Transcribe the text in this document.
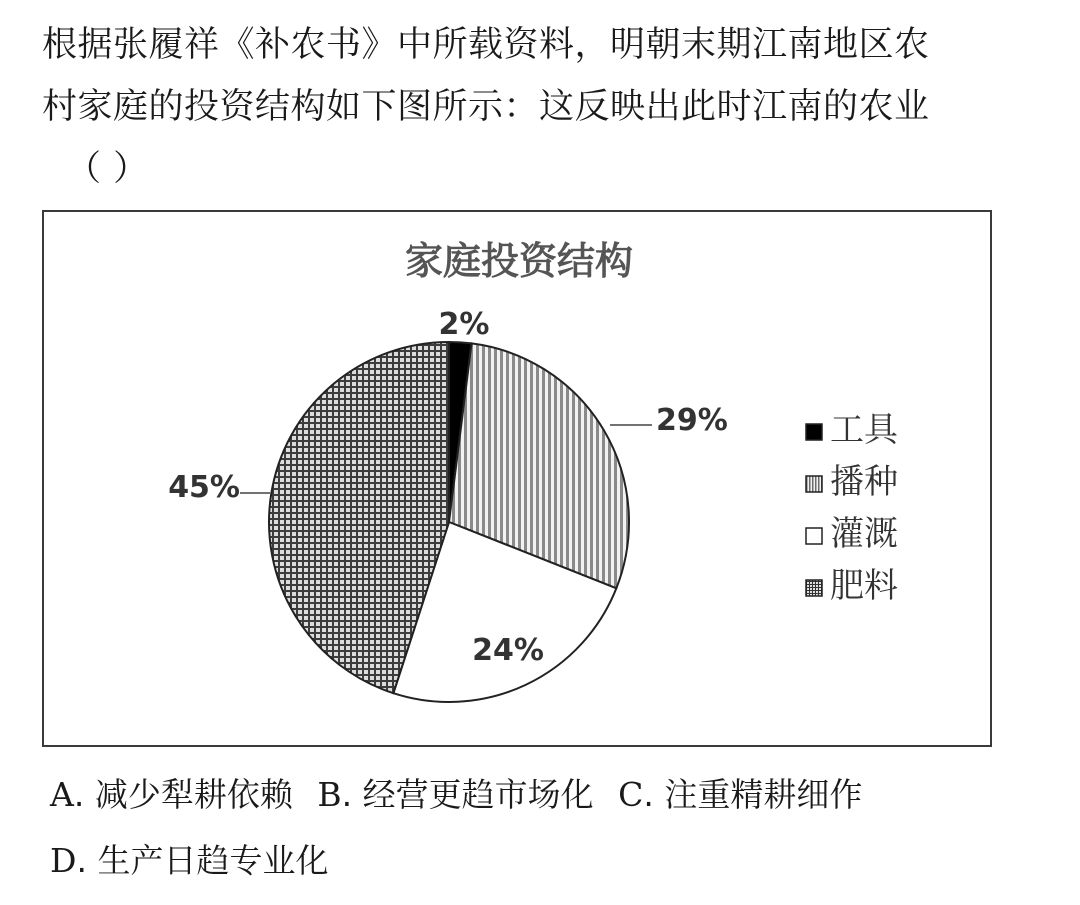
根据张履祥《补农书》中所载资料，明朝末期江南地区农
村家庭的投资结构如下图所示：这反映出此时江南的农业
（ ）
家庭投资结构
2%
29%
24%
45%
工具
播种
灌溉
肥料
A. 减少犁耕依赖 B. 经营更趋市场化 C. 注重精耕细作
D. 生产日趋专业化
